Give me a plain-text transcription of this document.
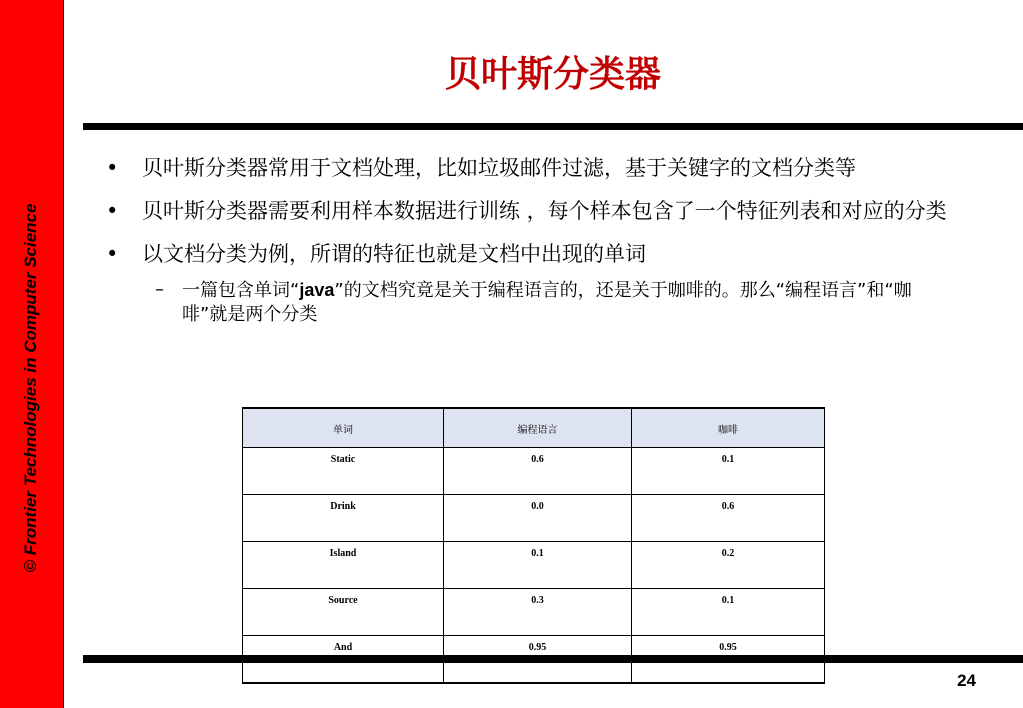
© Frontier Technologies in Computer Science
贝叶斯分类器
• 贝叶斯分类器常用于文档处理，比如垃圾邮件过滤，基于关键字的文档分类等
• 贝叶斯分类器需要利用样本数据进行训练 ，每个样本包含了一个特征列表和对应的分类
• 以文档分类为例，所谓的特征也就是文档中出现的单词
– 一篇包含单词“java”的文档究竟是关于编程语言的，还是关于咖啡的。那么“编程语言”和“咖啡”就是两个分类
单词	编程语言	咖啡
Static	0.6	0.1
Drink	0.0	0.6
Island	0.1	0.2
Source	0.3	0.1
And	0.95	0.95
24
